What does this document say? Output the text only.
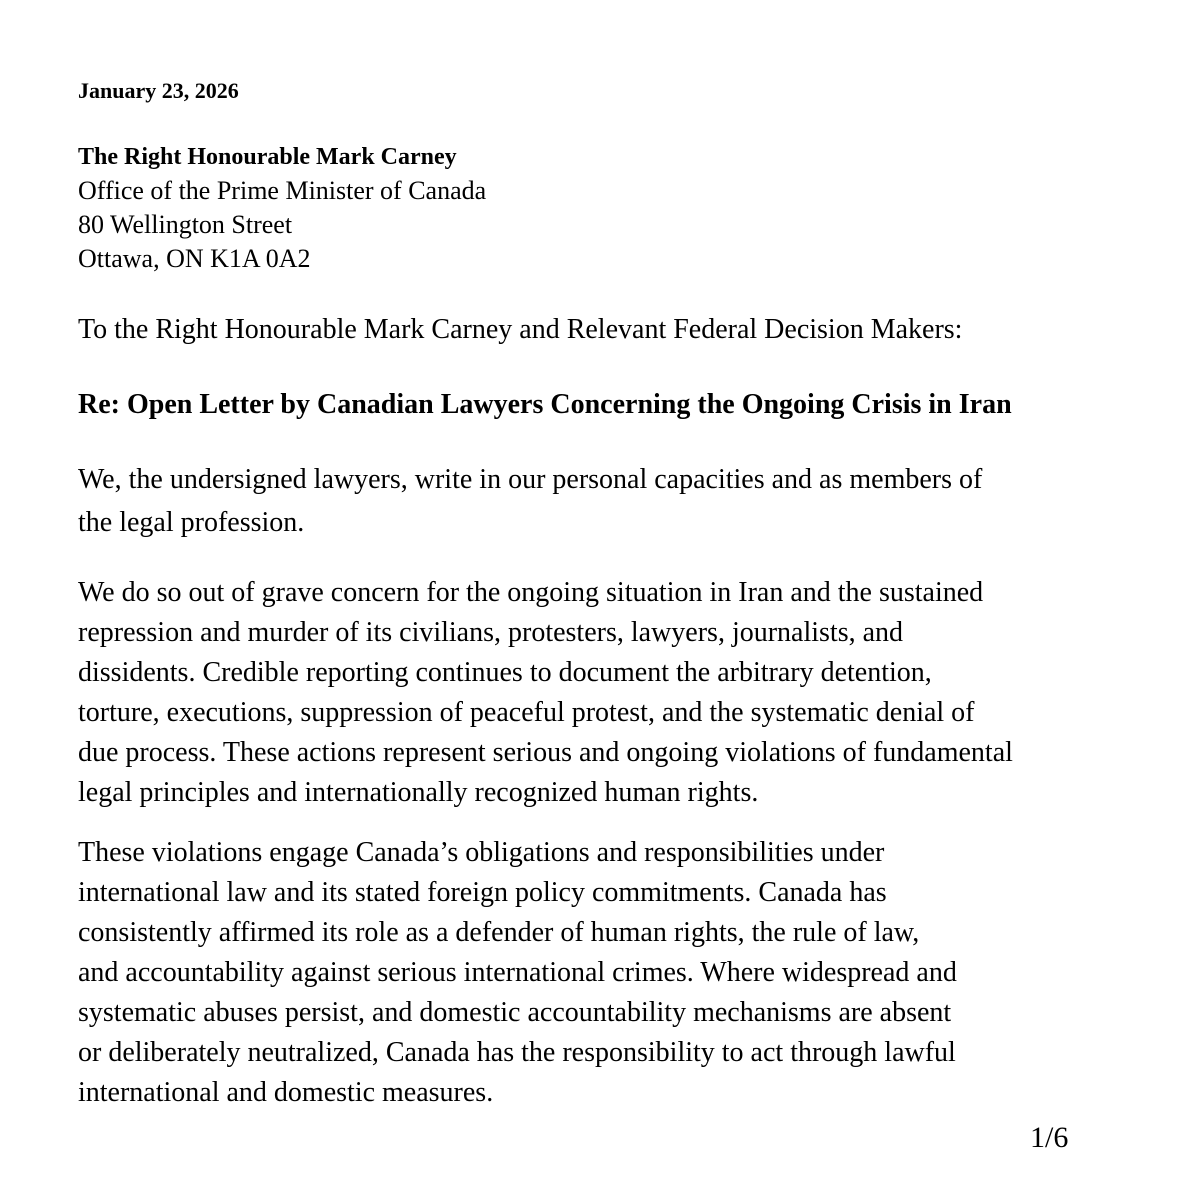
January 23, 2026

The Right Honourable Mark Carney

Office of the Prime Minister of Canada

80 Wellington Street

Ottawa, ON K1A 0A2

To the Right Honourable Mark Carney and Relevant Federal Decision Makers:

Re: Open Letter by Canadian Lawyers Concerning the Ongoing Crisis in Iran

We, the undersigned lawyers, write in our personal capacities and as members of

the legal profession.

We do so out of grave concern for the ongoing situation in Iran and the sustained

repression and murder of its civilians, protesters, lawyers, journalists, and

dissidents. Credible reporting continues to document the arbitrary detention,

torture, executions, suppression of peaceful protest, and the systematic denial of

due process. These actions represent serious and ongoing violations of fundamental

legal principles and internationally recognized human rights.

These violations engage Canada’s obligations and responsibilities under

international law and its stated foreign policy commitments. Canada has

consistently affirmed its role as a defender of human rights, the rule of law,

and accountability against serious international crimes. Where widespread and

systematic abuses persist, and domestic accountability mechanisms are absent

or deliberately neutralized, Canada has the responsibility to act through lawful

international and domestic measures.

1/6
